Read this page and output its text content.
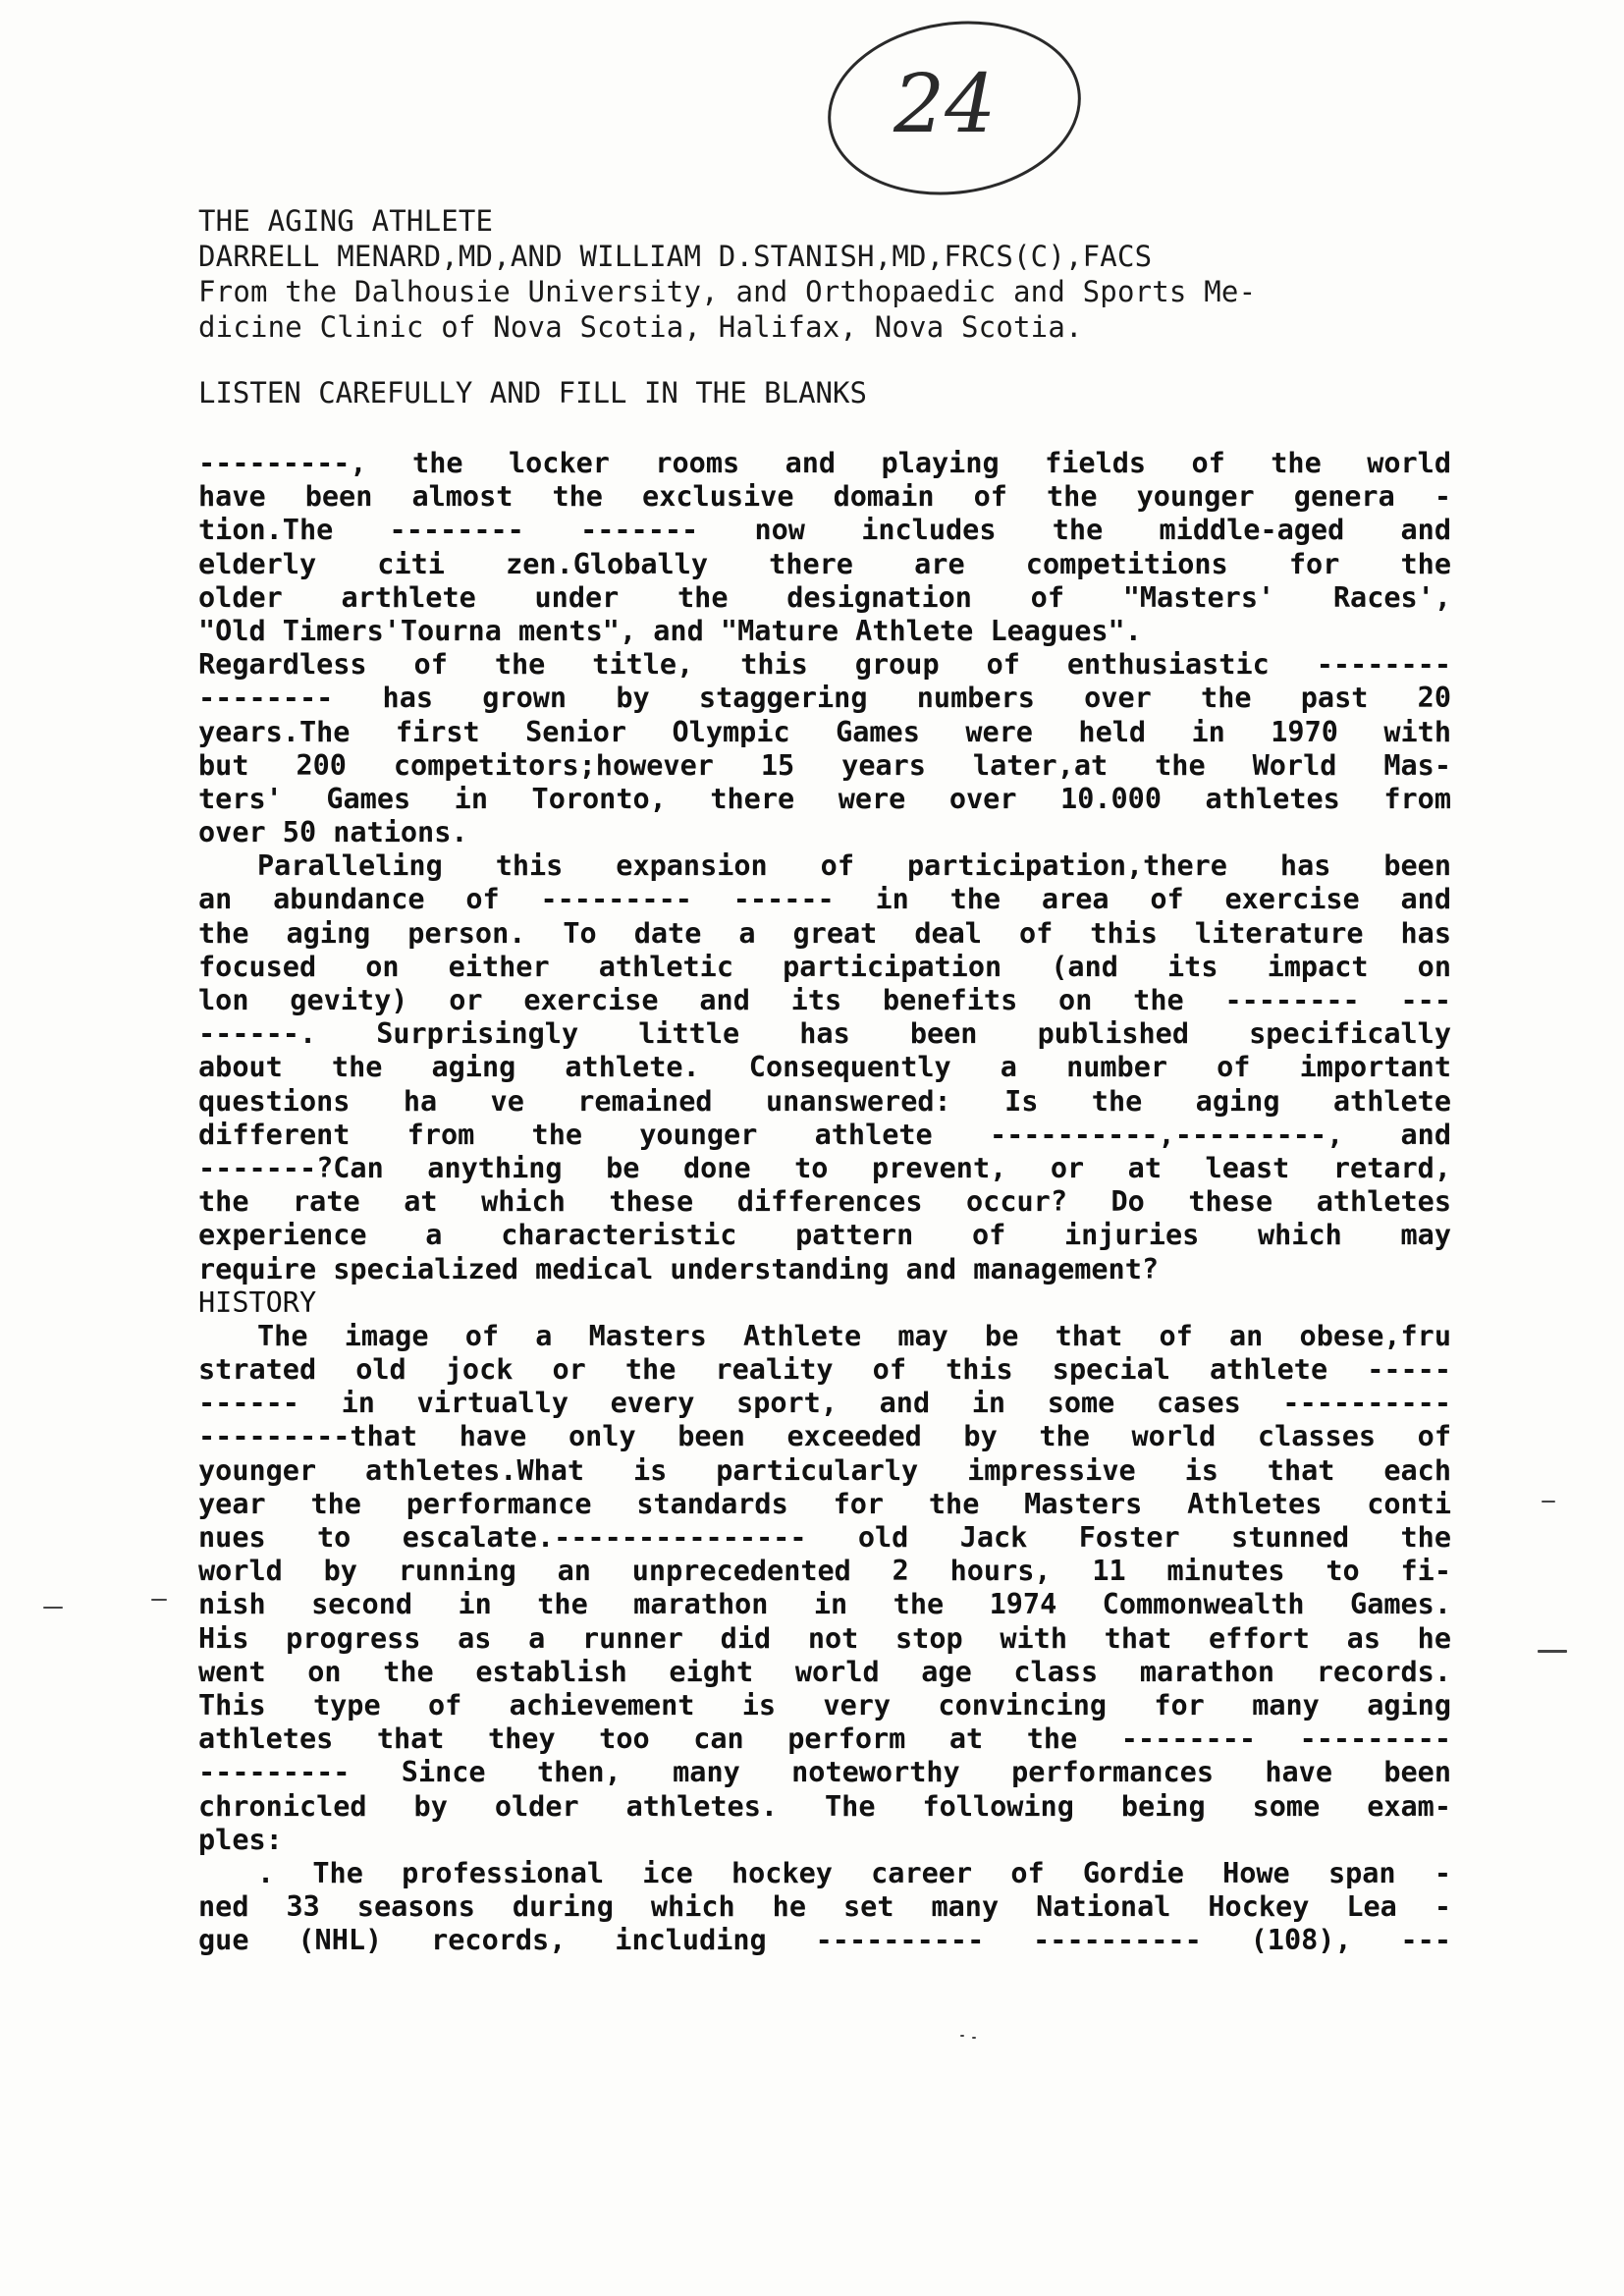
24
THE AGING ATHLETE
DARRELL MENARD,MD,AND WILLIAM D.STANISH,MD,FRCS(C),FACS
From the Dalhousie University, and Orthopaedic and Sports Me-
dicine Clinic of Nova Scotia, Halifax, Nova Scotia.
LISTEN CAREFULLY AND FILL IN THE BLANKS
---------, the locker rooms and playing fields of the world
have been almost the exclusive domain of the younger genera -
tion.The -------- ------- now includes the middle-aged and
elderly citi zen.Globally there are competitions for the
older arthlete under the designation of "Masters' Races',
"Old Timers'Tourna ments", and "Mature Athlete Leagues".
Regardless of the title, this group of enthusiastic --------
-------- has grown by staggering numbers over the past 20
years.The first Senior Olympic Games were held in 1970 with
but 200 competitors;however 15 years later,at the World Mas-
ters' Games in Toronto, there were over 10.000 athletes from
over 50 nations.
Paralleling this expansion of participation,there has been
an abundance of --------- ------ in the area of exercise and
the aging person. To date a great deal of this literature has
focused on either athletic participation (and its impact on
lon gevity) or exercise and its benefits on the -------- ---
------. Surprisingly little has been published specifically
about the aging athlete. Consequently a number of important
questions ha ve remained unanswered: Is the aging athlete
different from the younger athlete ----------,---------, and
-------?Can anything be done to prevent, or at least retard,
the rate at which these differences occur? Do these athletes
experience a characteristic pattern of injuries which may
require specialized medical understanding and management?
HISTORY
The image of a Masters Athlete may be that of an obese,fru
strated old jock or the reality of this special athlete -----
------ in virtually every sport, and in some cases ----------
---------that have only been exceeded by the world classes of
younger athletes.What is particularly impressive is that each
year the performance standards for the Masters Athletes conti
nues to escalate.--------------- old Jack Foster stunned the
world by running an unprecedented 2 hours, 11 minutes to fi-
nish second in the marathon in the 1974 Commonwealth Games.
His progress as a runner did not stop with that effort as he
went on the establish eight world age class marathon records.
This type of achievement is very convincing for many aging
athletes that they too can perform at the -------- ---------
--------- Since then, many noteworthy performances have been
chronicled by older athletes. The following being some exam-
ples:
. The professional ice hockey career of Gordie Howe span -
ned 33 seasons during which he set many National Hockey Lea -
gue (NHL) records, including ---------- ---------- (108), ---
